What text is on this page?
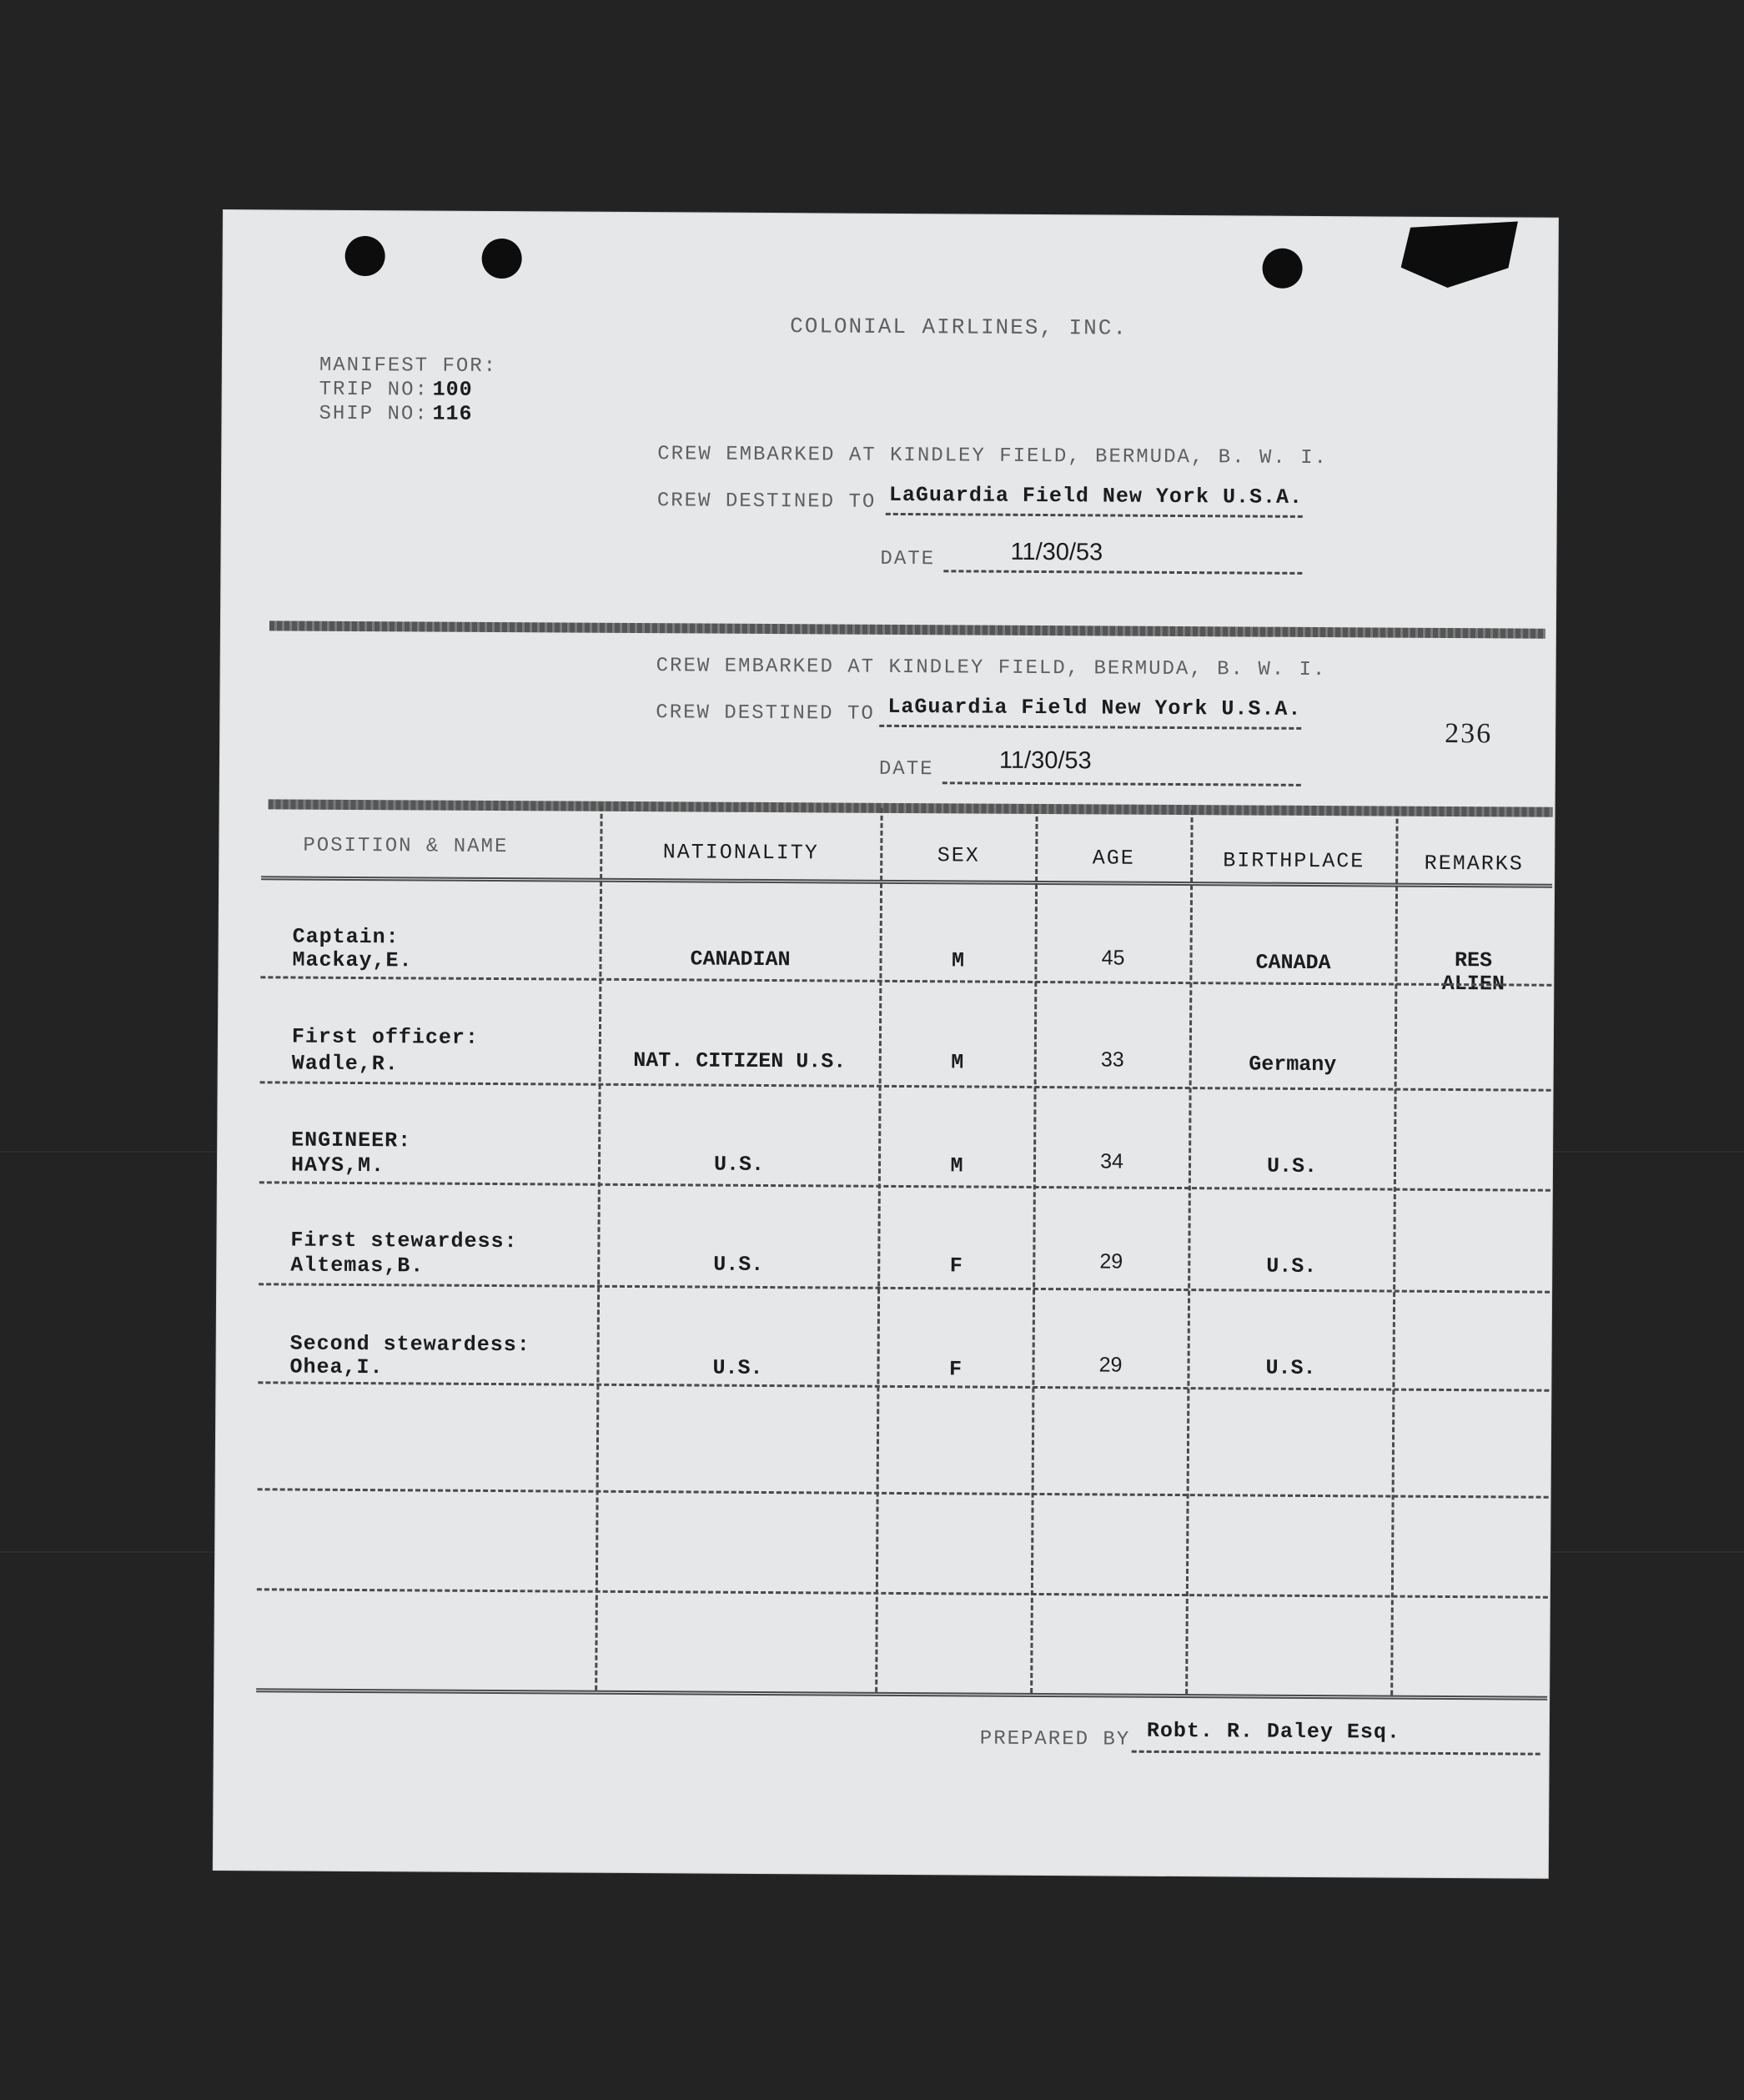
COLONIAL AIRLINES, INC.
MANIFEST FOR:
TRIP NO: 100
SHIP NO: 116
CREW EMBARKED AT KINDLEY FIELD, BERMUDA, B. W. I.
CREW DESTINED TO LaGuardia Field New York U.S.A.
DATE	11/30/53
CREW EMBARKED AT KINDLEY FIELD, BERMUDA, B. W. I.
CREW DESTINED TO LaGuardia Field New York U.S.A.
236
DATE	11/30/53
POSITION & NAME	NATIONALITY	SEX	AGE	BIRTHPLACE	REMARKS
Captain:
Mackay,E.	CANADIAN	M	45	CANADA	RES
ALIEN
First officer:
Wadle,R.	NAT. CITIZEN U.S.	M	33	Germany
ENGINEER:
HAYS,M.	U.S.	M	34	U.S.
First stewardess:
Altemas,B.	U.S.	F	29	U.S.
Second stewardess:
Ohea,I.	U.S.	F	29	U.S.
PREPARED BY Robt. R. Daley Esq.
